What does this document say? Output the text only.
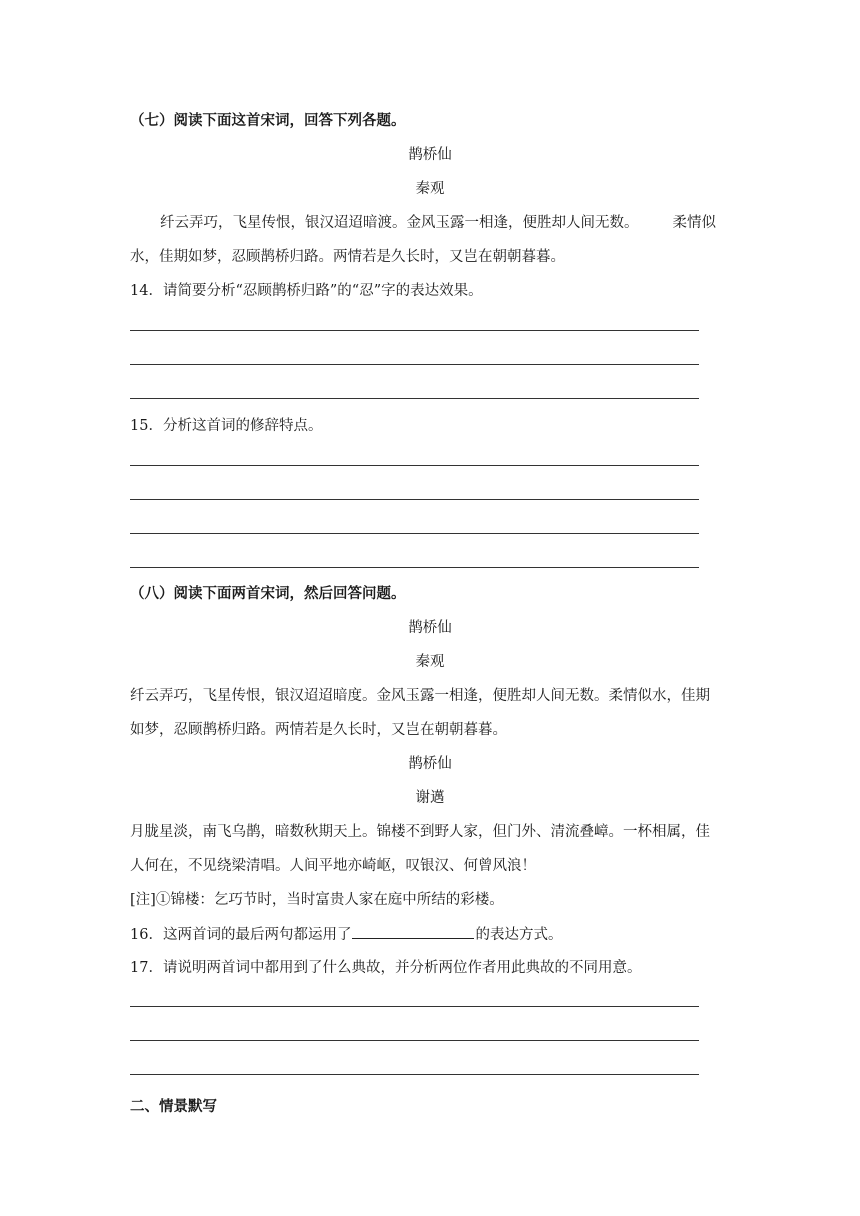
（七）阅读下面这首宋词，回答下列各题。
鹊桥仙
秦观
纤云弄巧，飞星传恨，银汉迢迢暗渡。金风玉露一相逢，便胜却人间无数。 柔情似
水，佳期如梦，忍顾鹊桥归路。两情若是久长时，又岂在朝朝暮暮。
14．请简要分析“忍顾鹊桥归路”的“忍”字的表达效果。
15．分析这首词的修辞特点。
（八）阅读下面两首宋词，然后回答问题。
鹊桥仙
秦观
纤云弄巧，飞星传恨，银汉迢迢暗度。金风玉露一相逢，便胜却人间无数。柔情似水，佳期
如梦，忍顾鹊桥归路。两情若是久长时，又岂在朝朝暮暮。
鹊桥仙
谢邁
月胧星淡，南飞乌鹊，暗数秋期天上。锦楼不到野人家，但门外、清流叠嶂。一杯相属，佳
人何在，不见绕梁清唱。人间平地亦崎岖，叹银汉、何曾风浪！
[注]①锦楼：乞巧节时，当时富贵人家在庭中所结的彩楼。
16．这两首词的最后两句都运用了	的表达方式。
17．请说明两首词中都用到了什么典故，并分析两位作者用此典故的不同用意。
二、情景默写
